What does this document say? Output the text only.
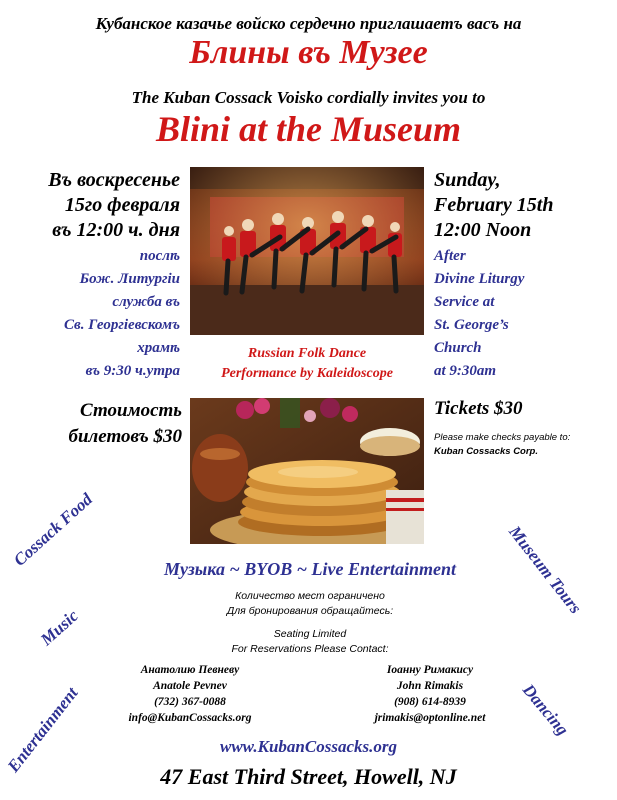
Кубанское казачье войско сердечно приглашаетъ васъ на
Блины въ Музее
The Kuban Cossack Voisko cordially invites you to
Blini at the Museum
Въ воскресенье
15го февраля
въ 12:00 ч. дня
послѣ
Бож. Литургіи
служба въ
Св. Георгіевскомъ
храмѣ
въ 9:30 ч.утра
Стоимость
билетовъ $30
Sunday,
February 15th
12:00 Noon
After
Divine Liturgy
Service at
St. George’s
Church
at 9:30am
Tickets $30
Please make checks payable to:
Kuban Cossacks Corp.
Russian Folk Dance
Performance by Kaleidoscope
Cossack Food
Music
Entertainment
Museum Tours
Dancing
Музыка ~ BYOB ~ Live Entertainment
Количество мест ограничено
Для бронирования обращайтесь:
Seating Limited
For Reservations Please Contact:
Анатолию Певневу
Anatole Pevnev
(732) 367-0088
info@KubanCossacks.org
Іоанну Римакису
John Rimakis
(908) 614-8939
jrimakis@optonline.net
www.KubanCossacks.org
47 East Third Street, Howell, NJ
